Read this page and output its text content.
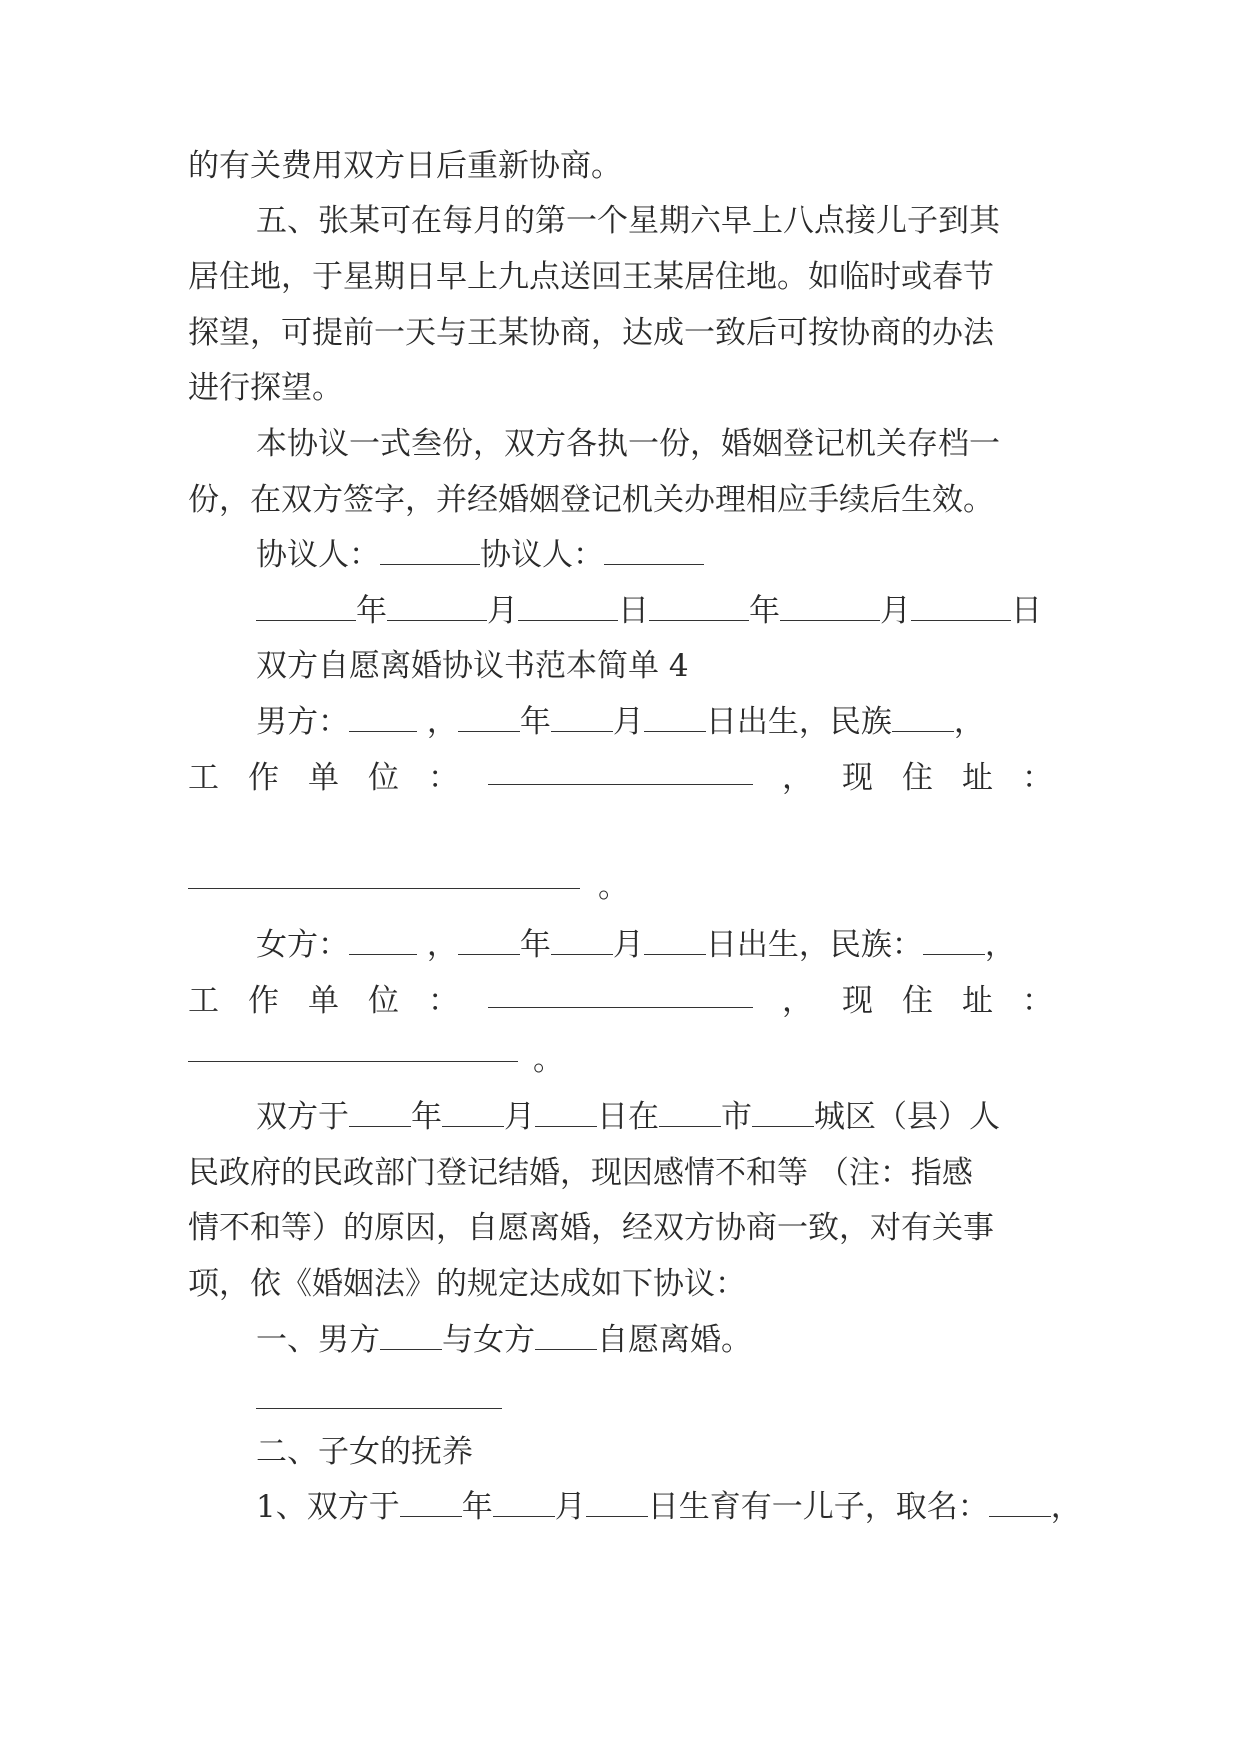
的有关费用双方日后重新协商。
五、张某可在每月的第一个星期六早上八点接儿子到其
居住地，于星期日早上九点送回王某居住地。如临时或春节
探望，可提前一天与王某协商，达成一致后可按协商的办法
进行探望。
本协议一式叁份，双方各执一份，婚姻登记机关存档一
份，在双方签字，并经婚姻登记机关办理相应手续后生效。
协议人：	协议人：
年	月	日	年	月	日
双方自愿离婚协议书范本简单 4
男方：	， 年 月 日出生，民族 ，
工 作 单 位 ：	， 现 住 址 ：
。
女方：	， 年 月 日出生，民族： ，
工 作 单 位 ：	， 现 住 址 ：
。
双方于 年 月 日在 市 城区（县）人
民政府的民政部门登记结婚，现因感情不和等 （注：指感
情不和等）的原因，自愿离婚，经双方协商一致，对有关事
项，依《婚姻法》的规定达成如下协议：
一、男方 与女方 自愿离婚。
二、子女的抚养
1、双方于 年 月 日生育有一儿子，取名： ，
